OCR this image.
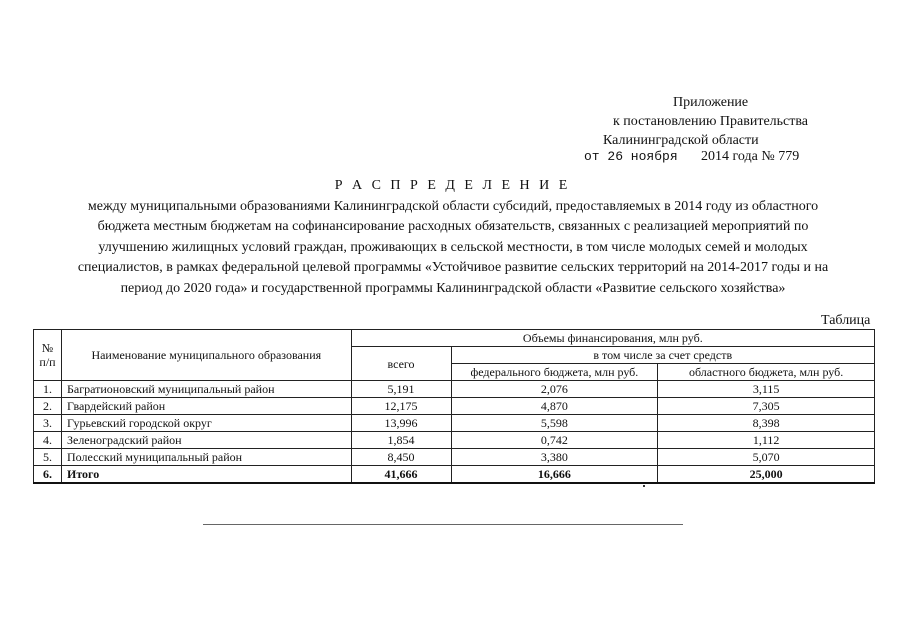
Приложение
к постановлению Правительства
Калининградской области
от 26 ноября 2014 года № 779
Р А С П Р Е Д Е Л Е Н И Е
между муниципальными образованиями Калининградской области субсидий, предоставляемых в 2014 году из областного
бюджета местным бюджетам на софинансирование расходных обязательств, связанных с реализацией мероприятий по
улучшению жилищных условий граждан, проживающих в сельской местности, в том числе молодых семей и молодых
специалистов, в рамках федеральной целевой программы «Устойчивое развитие сельских территорий на 2014-2017 годы и на
период до 2020 года» и государственной программы Калининградской области «Развитие сельского хозяйства»
Таблица
№ п/п	Наименование муниципального образования	Объемы финансирования, млн руб.		
		всего	в том числе за счет средств	
			федерального бюджета, млн руб.	областного бюджета, млн руб.
1.	Багратионовский муниципальный район	5,191	2,076	3,115
2.	Гвардейский район	12,175	4,870	7,305
3.	Гурьевский городской округ	13,996	5,598	8,398
4.	Зеленоградский район	1,854	0,742	1,112
5.	Полесский муниципальный район	8,450	3,380	5,070
6.	Итого	41,666	16,666	25,000
